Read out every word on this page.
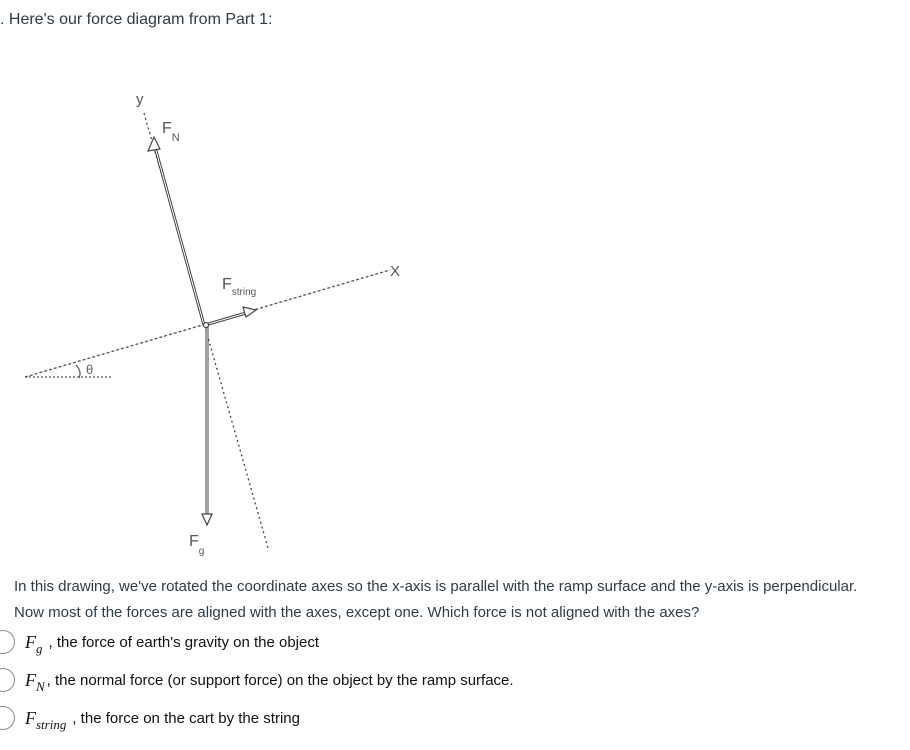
. Here's our force diagram from Part 1:
y
X
θ
$F_N$
$F_{string}$
$F_g$
In this drawing, we've rotated the coordinate axes so the x-axis is parallel with the ramp surface and the y-axis is perpendicular.
Now most of the forces are aligned with the axes, except one. Which force is not aligned with the axes?
$F_g$ , the force of earth's gravity on the object
$F_N$ , the normal force (or support force) on the object by the ramp surface.
$F_{string}$ , the force on the cart by the string
